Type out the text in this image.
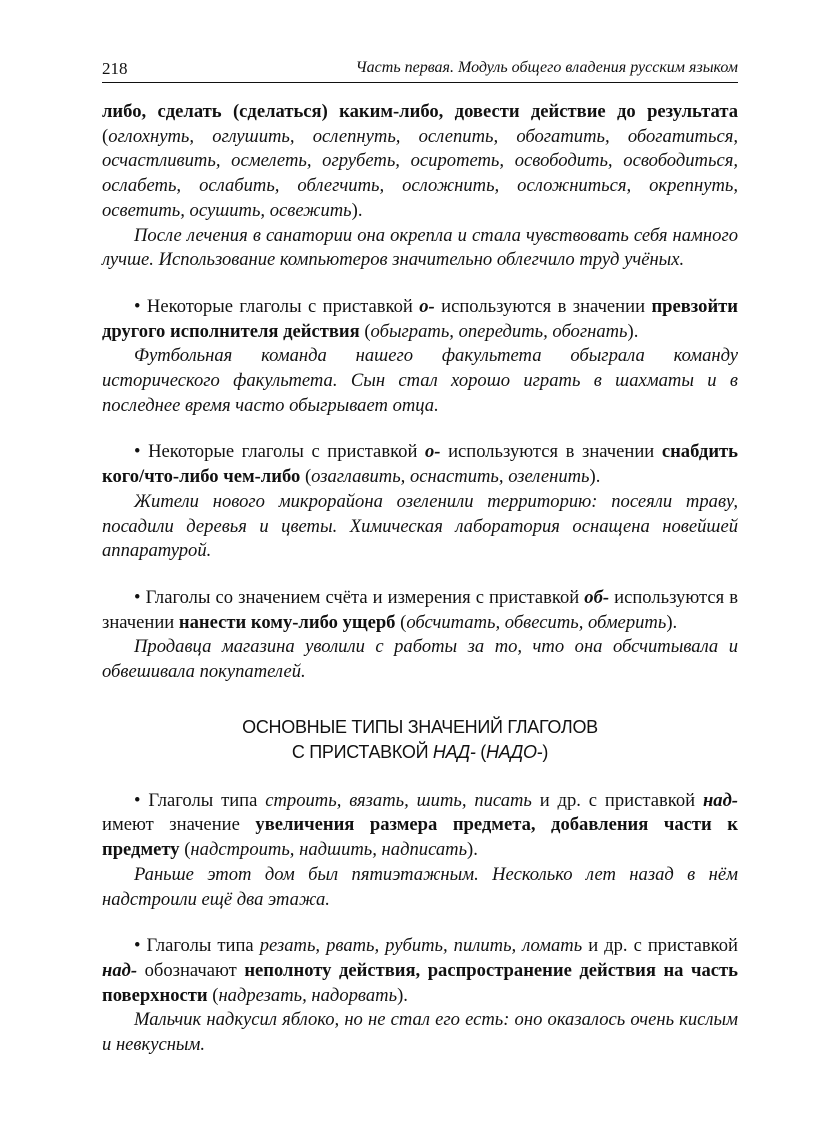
218	Часть первая. Модуль общего владения русским языком

либо, сделать (сделаться) каким-либо, довести действие до результата (оглохнуть, оглушить, ослепнуть, ослепить, обогатить, обогатиться, осчастливить, осмелеть, огрубеть, осиротеть, освободить, освободиться, ослабеть, ослабить, облегчить, осложнить, осложниться, окрепнуть, осветить, осушить, освежить).

После лечения в санатории она окрепла и стала чувствовать себя намного лучше. Использование компьютеров значительно облегчило труд учёных.

• Некоторые глаголы с приставкой о- используются в значении превзойти другого исполнителя действия (обыграть, опередить, обогнать).

Футбольная команда нашего факультета обыграла команду исторического факультета. Сын стал хорошо играть в шахматы и в последнее время часто обыгрывает отца.

• Некоторые глаголы с приставкой о- используются в значении снабдить кого/что-либо чем-либо (озаглавить, оснастить, озеленить).

Жители нового микрорайона озеленили территорию: посеяли траву, посадили деревья и цветы. Химическая лаборатория оснащена новейшей аппаратурой.

• Глаголы со значением счёта и измерения с приставкой об- используются в значении нанести кому-либо ущерб (обсчитать, обвесить, обмерить).

Продавца магазина уволили с работы за то, что она обсчитывала и обвешивала покупателей.

ОСНОВНЫЕ ТИПЫ ЗНАЧЕНИЙ ГЛАГОЛОВ
С ПРИСТАВКОЙ НАД- (НАДО-)

• Глаголы типа строить, вязать, шить, писать и др. с приставкой над- имеют значение увеличения размера предмета, добавления части к предмету (надстроить, надшить, надписать).

Раньше этот дом был пятиэтажным. Несколько лет назад в нём надстроили ещё два этажа.

• Глаголы типа резать, рвать, рубить, пилить, ломать и др. с приставкой над- обозначают неполноту действия, распространение действия на часть поверхности (надрезать, надорвать).

Мальчик надкусил яблоко, но не стал его есть: оно оказалось очень кислым и невкусным.
